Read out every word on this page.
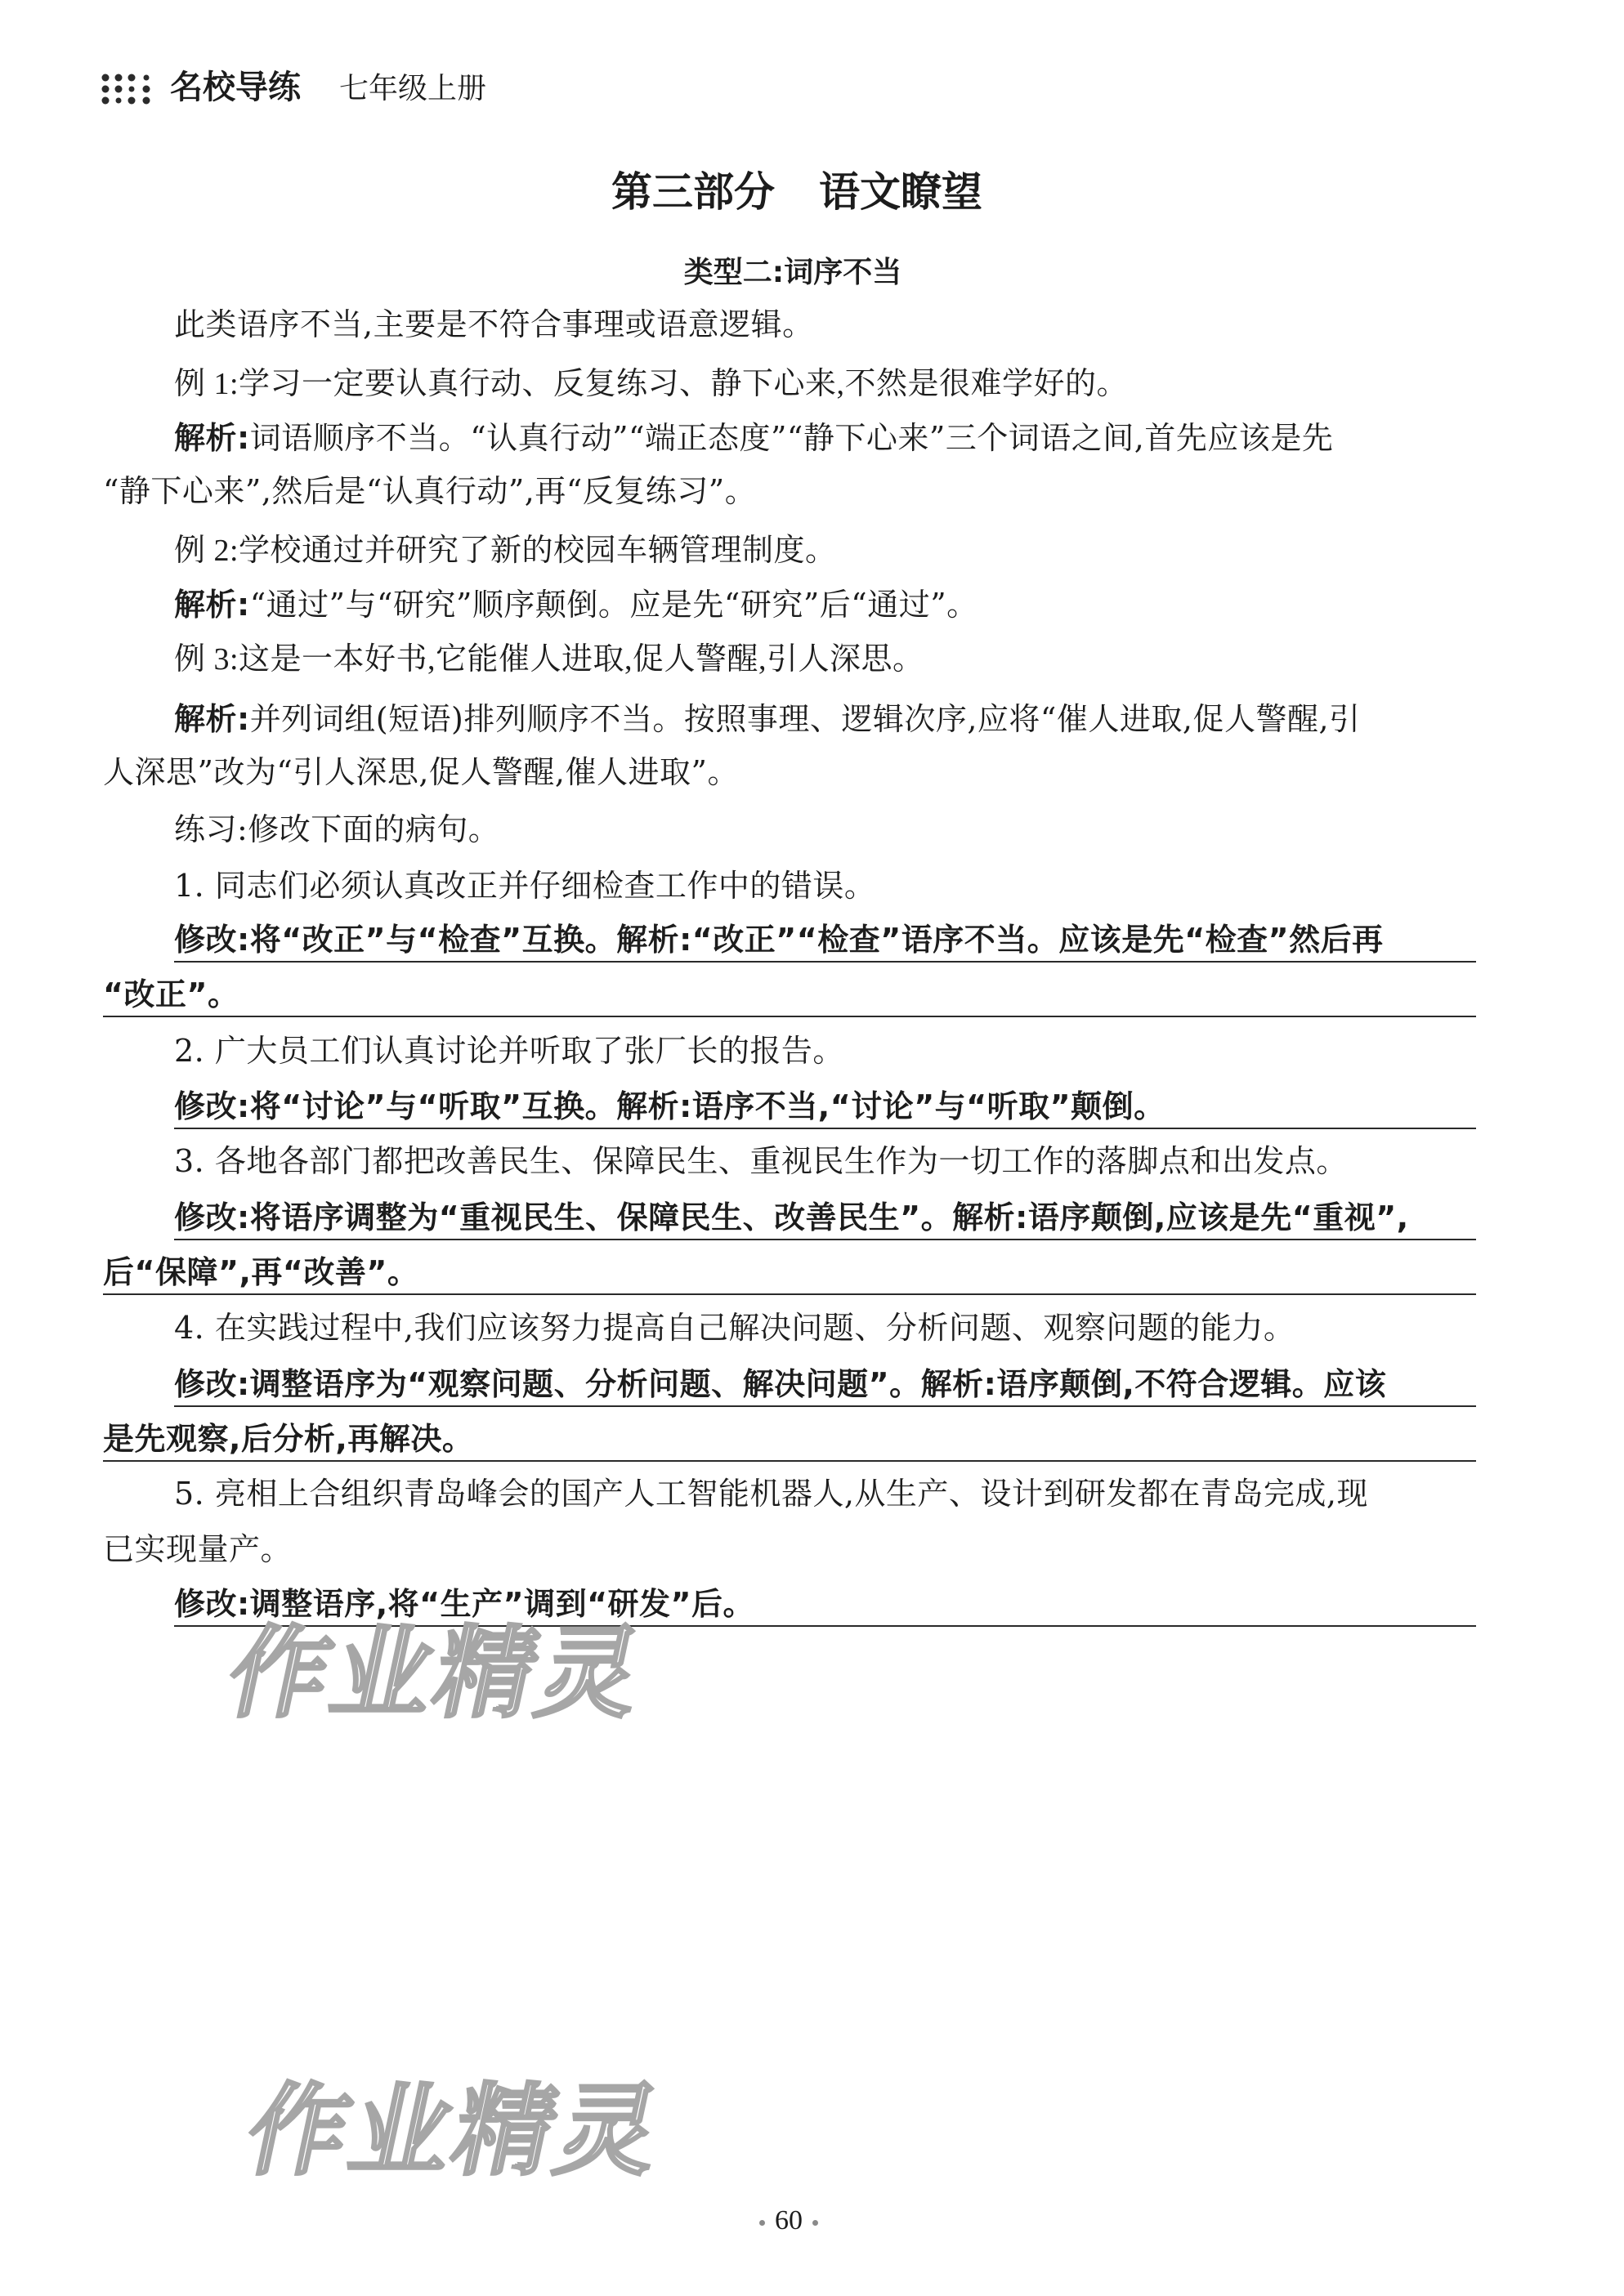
名校导练 七年级上册
第三部分 语文瞭望
类型二:词序不当
此类语序不当,主要是不符合事理或语意逻辑。
例 1:学习一定要认真行动、反复练习、静下心来,不然是很难学好的。
解析:词语顺序不当。“认真行动”“端正态度”“静下心来”三个词语之间,首先应该是先
“静下心来”,然后是“认真行动”,再“反复练习”。
例 2:学校通过并研究了新的校园车辆管理制度。
解析:“通过”与“研究”顺序颠倒。应是先“研究”后“通过”。
例 3:这是一本好书,它能催人进取,促人警醒,引人深思。
解析:并列词组(短语)排列顺序不当。按照事理、逻辑次序,应将“催人进取,促人警醒,引
人深思”改为“引人深思,促人警醒,催人进取”。
练习:修改下面的病句。
1. 同志们必须认真改正并仔细检查工作中的错误。
修改:将“改正”与“检查”互换。解析:“改正”“检查”语序不当。应该是先“检查”然后再
“改正”。
2. 广大员工们认真讨论并听取了张厂长的报告。
修改:将“讨论”与“听取”互换。解析:语序不当,“讨论”与“听取”颠倒。
3. 各地各部门都把改善民生、保障民生、重视民生作为一切工作的落脚点和出发点。
修改:将语序调整为“重视民生、保障民生、改善民生”。解析:语序颠倒,应该是先“重视”,
后“保障”,再“改善”。
4. 在实践过程中,我们应该努力提高自己解决问题、分析问题、观察问题的能力。
修改:调整语序为“观察问题、分析问题、解决问题”。解析:语序颠倒,不符合逻辑。应该
是先观察,后分析,再解决。
5. 亮相上合组织青岛峰会的国产人工智能机器人,从生产、设计到研发都在青岛完成,现
已实现量产。
修改:调整语序,将“生产”调到“研发”后。
作业精灵
作业精灵
60
